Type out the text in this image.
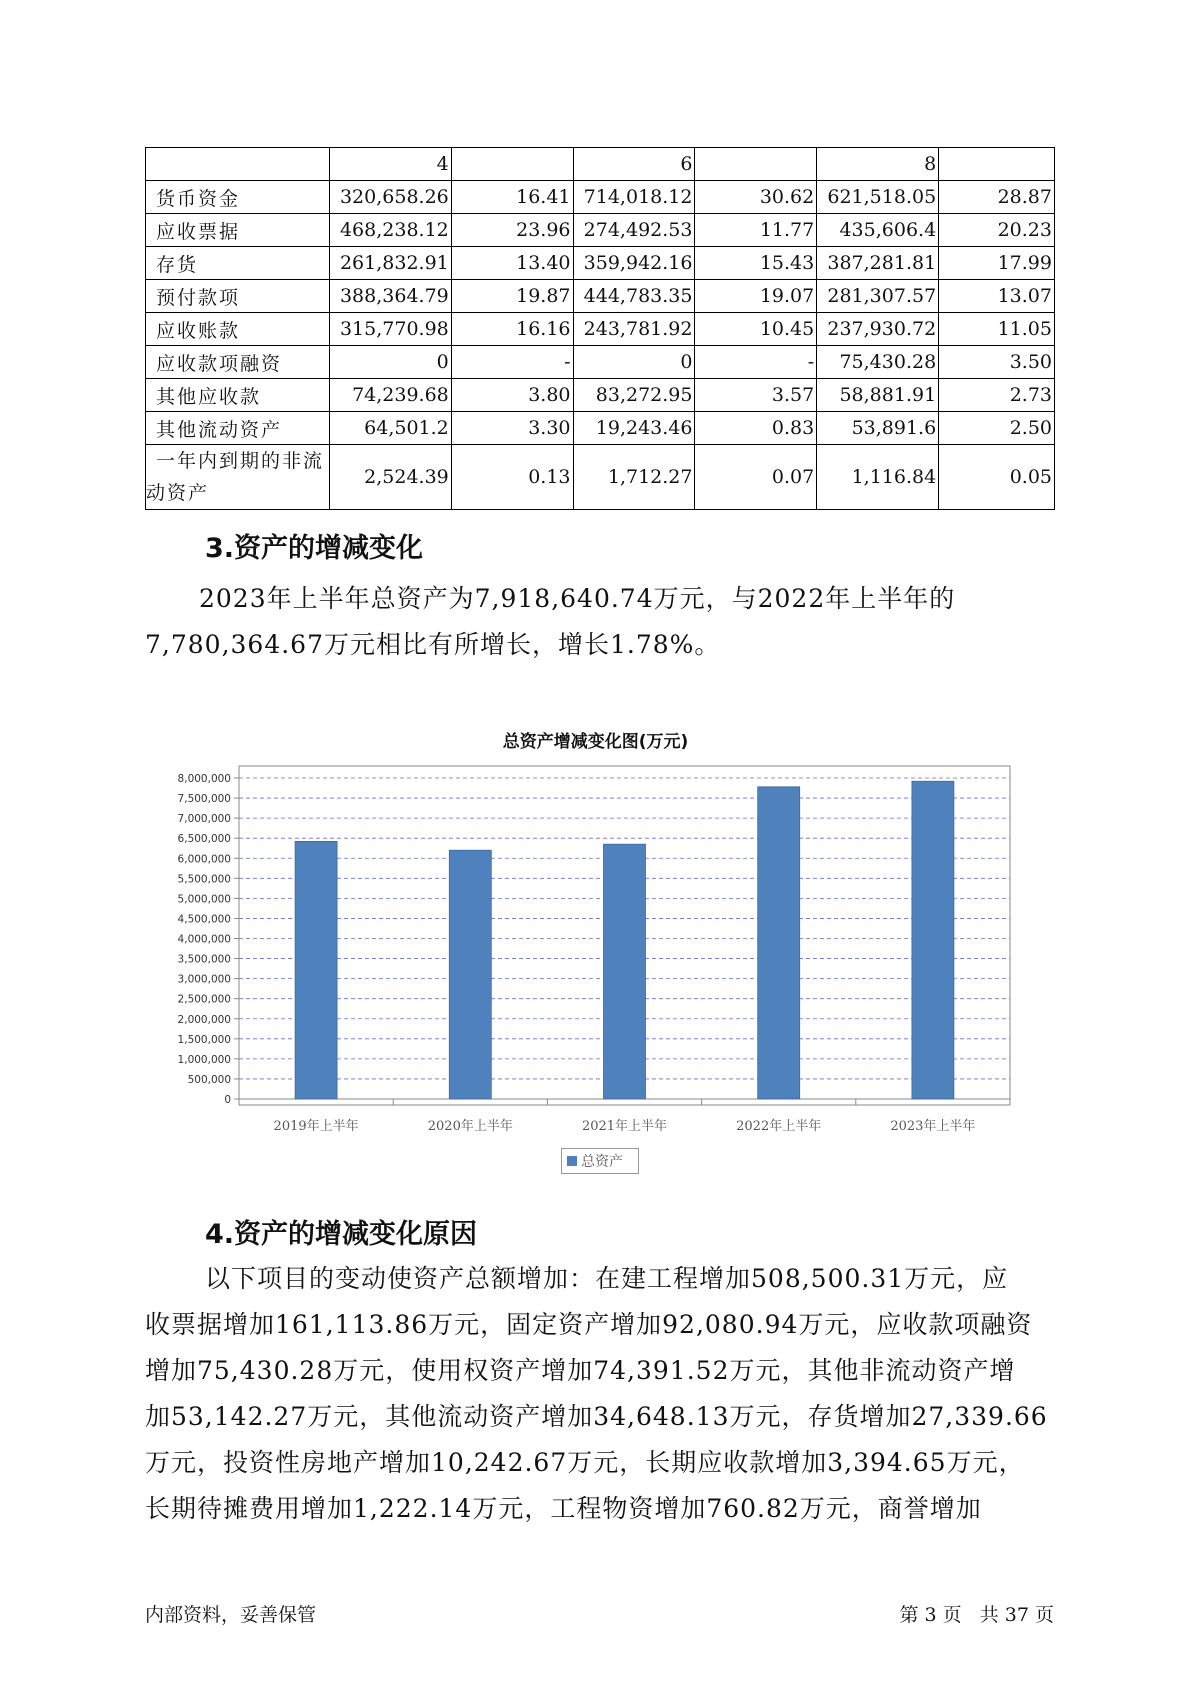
	4		6		8	
货币资金	320,658.26	16.41	714,018.12	30.62	621,518.05	28.87
应收票据	468,238.12	23.96	274,492.53	11.77	435,606.4	20.23
存货	261,832.91	13.40	359,942.16	15.43	387,281.81	17.99
预付款项	388,364.79	19.87	444,783.35	19.07	281,307.57	13.07
应收账款	315,770.98	16.16	243,781.92	10.45	237,930.72	11.05
应收款项融资	0	-	0	-	75,430.28	3.50
其他应收款	74,239.68	3.80	83,272.95	3.57	58,881.91	2.73
其他流动资产	64,501.2	3.30	19,243.46	0.83	53,891.6	2.50

一年内到期的非流
动资产	2,524.39	0.13	1,712.27	0.07	1,116.84	0.05
3.资产的增减变化
2023年上半年总资产为7,918,640.74万元，与2022年上半年的
7,780,364.67万元相比有所增长，增长1.78%。
总资产增减变化图(万元)
0
500,000
1,000,000
1,500,000
2,000,000
2,500,000
3,000,000
3,500,000
4,000,000
4,500,000
5,000,000
5,500,000
6,000,000
6,500,000
7,000,000
7,500,000
8,000,000
2019年上半年	2020年上半年	2021年上半年	2022年上半年	2023年上半年
总资产
4.资产的增减变化原因
以下项目的变动使资产总额增加：在建工程增加508,500.31万元，应
收票据增加161,113.86万元，固定资产增加92,080.94万元，应收款项融资
增加75,430.28万元，使用权资产增加74,391.52万元，其他非流动资产增
加53,142.27万元，其他流动资产增加34,648.13万元，存货增加27,339.66
万元，投资性房地产增加10,242.67万元，长期应收款增加3,394.65万元，
长期待摊费用增加1,222.14万元，工程物资增加760.82万元，商誉增加
内部资料，妥善保管	第 3 页   共 37 页
